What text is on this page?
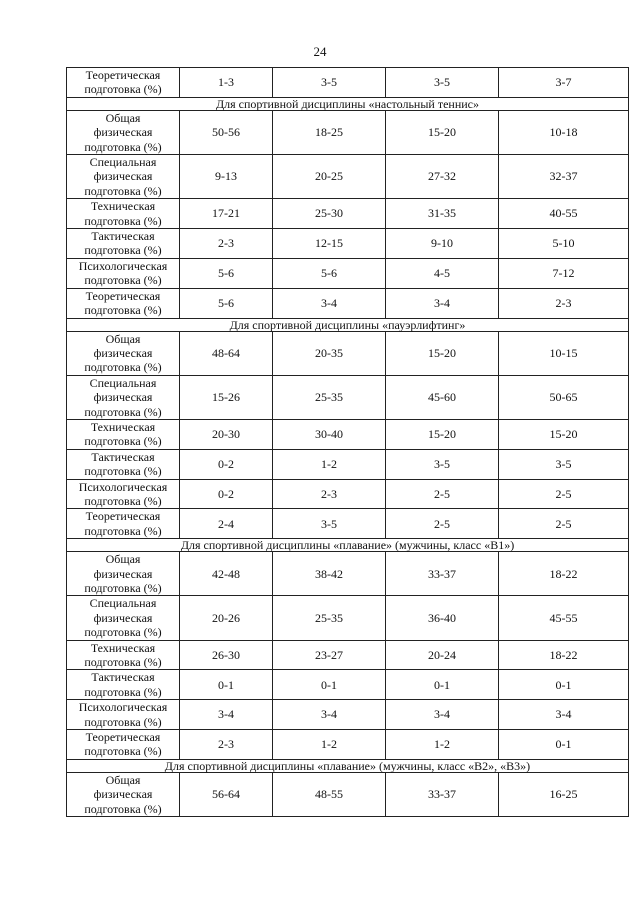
24
Теоретическая
подготовка (%)	1-3	3-5	3-5	3-7
Для спортивной дисциплины «настольный теннис»				
Общая
физическая
подготовка (%)	50-56	18-25	15-20	10-18
Специальная
физическая
подготовка (%)	9-13	20-25	27-32	32-37
Техническая
подготовка (%)	17-21	25-30	31-35	40-55
Тактическая
подготовка (%)	2-3	12-15	9-10	5-10
Психологическая
подготовка (%)	5-6	5-6	4-5	7-12
Теоретическая
подготовка (%)	5-6	3-4	3-4	2-3
Для спортивной дисциплины «пауэрлифтинг»				
Общая
физическая
подготовка (%)	48-64	20-35	15-20	10-15
Специальная
физическая
подготовка (%)	15-26	25-35	45-60	50-65
Техническая
подготовка (%)	20-30	30-40	15-20	15-20
Тактическая
подготовка (%)	0-2	1-2	3-5	3-5
Психологическая
подготовка (%)	0-2	2-3	2-5	2-5
Теоретическая
подготовка (%)	2-4	3-5	2-5	2-5
Для спортивной дисциплины «плавание» (мужчины, класс «В1»)				
Общая
физическая
подготовка (%)	42-48	38-42	33-37	18-22
Специальная
физическая
подготовка (%)	20-26	25-35	36-40	45-55
Техническая
подготовка (%)	26-30	23-27	20-24	18-22
Тактическая
подготовка (%)	0-1	0-1	0-1	0-1
Психологическая
подготовка (%)	3-4	3-4	3-4	3-4
Теоретическая
подготовка (%)	2-3	1-2	1-2	0-1
Для спортивной дисциплины «плавание» (мужчины, класс «В2», «В3»)				
Общая
физическая
подготовка (%)	56-64	48-55	33-37	16-25
